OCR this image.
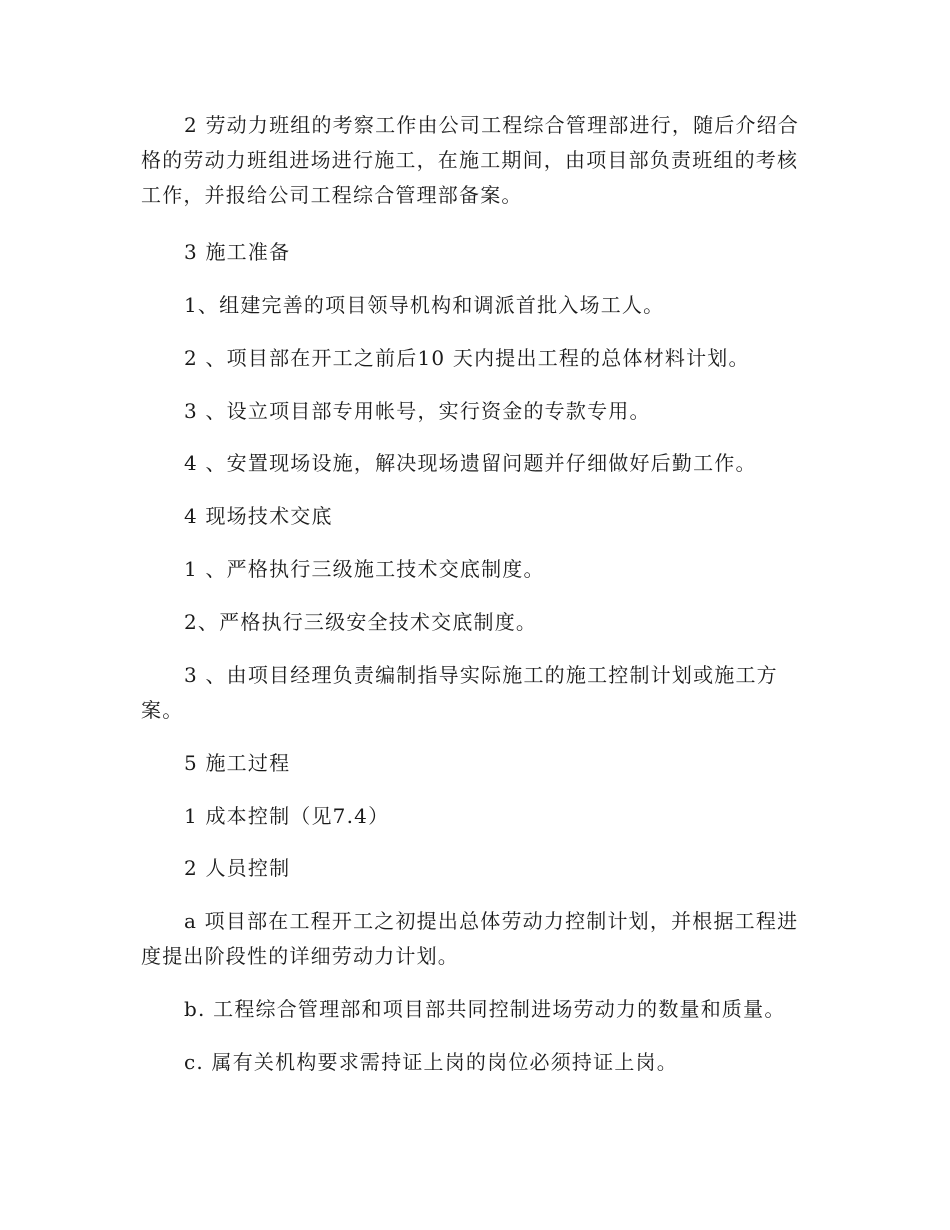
2 劳动力班组的考察工作由公司工程综合管理部进行，随后介绍合格的劳动力班组进场进行施工，在施工期间，由项目部负责班组的考核工作，并报给公司工程综合管理部备案。

3 施工准备

1、组建完善的项目领导机构和调派首批入场工人。

2 、项目部在开工之前后10 天内提出工程的总体材料计划。

3 、设立项目部专用帐号，实行资金的专款专用。

4 、安置现场设施，解决现场遗留问题并仔细做好后勤工作。

4 现场技术交底

1 、严格执行三级施工技术交底制度。

2、严格执行三级安全技术交底制度。

3 、由项目经理负责编制指导实际施工的施工控制计划或施工方案。

5 施工过程

1 成本控制（见7.4）

2 人员控制

a 项目部在工程开工之初提出总体劳动力控制计划，并根据工程进度提出阶段性的详细劳动力计划。

b. 工程综合管理部和项目部共同控制进场劳动力的数量和质量。

c. 属有关机构要求需持证上岗的岗位必须持证上岗。
